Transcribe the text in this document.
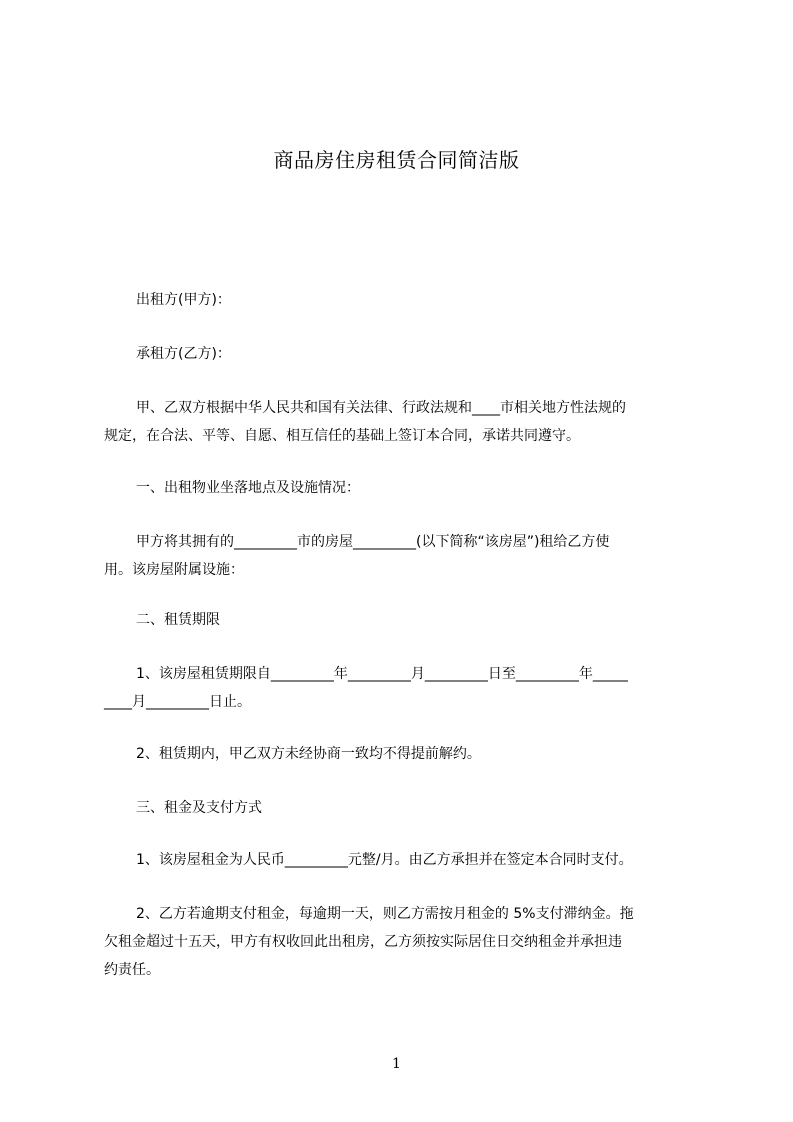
商品房住房租赁合同简洁版
出租方(甲方)：
承租方(乙方)：
甲、乙双方根据中华人民共和国有关法律、行政法规和____市相关地方性法规的
规定，在合法、平等、自愿、相互信任的基础上签订本合同，承诺共同遵守。
一、出租物业坐落地点及设施情况：
甲方将其拥有的_________市的房屋_________(以下简称“该房屋”)租给乙方使
用。该房屋附属设施：
二、租赁期限
1、该房屋租赁期限自_________年_________月_________日至_________年_____
____月_________日止。
2、租赁期内，甲乙双方未经协商一致均不得提前解约。
三、租金及支付方式
1、该房屋租金为人民币_________元整/月。由乙方承担并在签定本合同时支付。
2、乙方若逾期支付租金，每逾期一天，则乙方需按月租金的 5%支付滞纳金。拖
欠租金超过十五天，甲方有权收回此出租房，乙方须按实际居住日交纳租金并承担违
约责任。
1
